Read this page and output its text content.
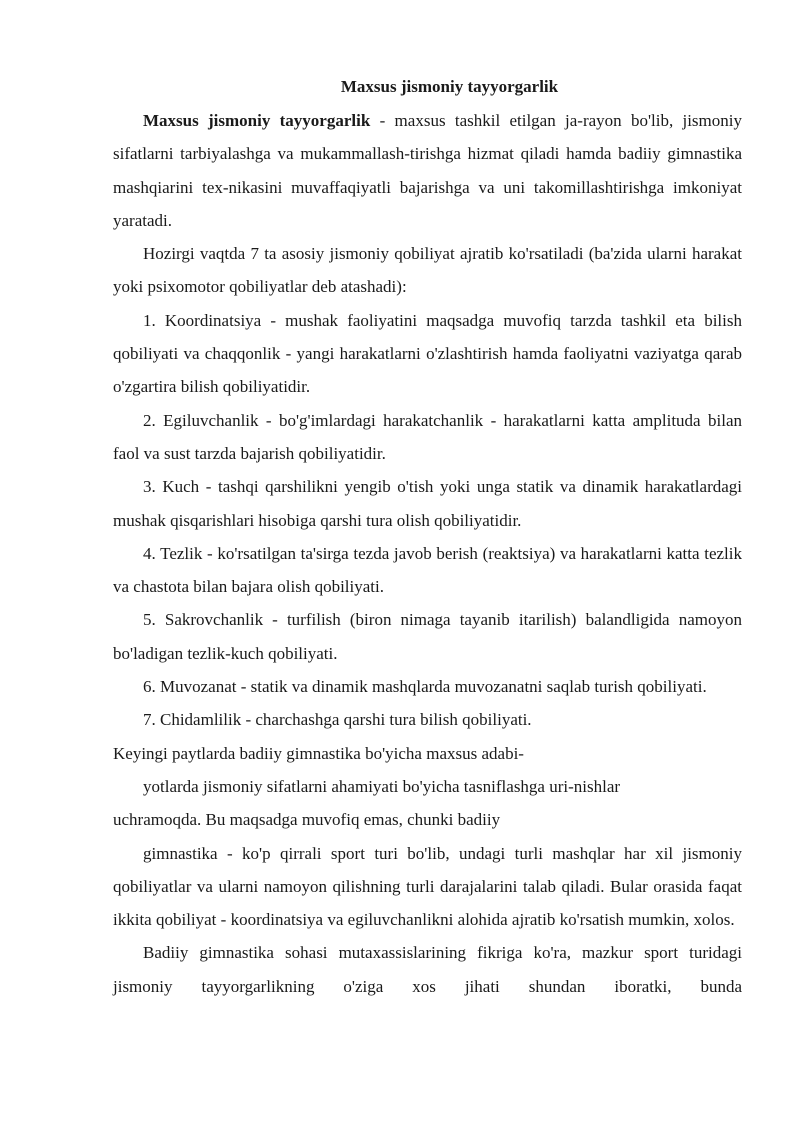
Maxsus jismoniy tayyorgarlik

Maxsus jismoniy tayyorgarlik - maxsus tashkil etilgan ja-rayon bo'lib, jismoniy sifatlarni tarbiyalashga va mukammallash-tirishga hizmat qiladi hamda badiiy gimnastika mashqiarini tex-nikasini muvaffaqiyatli bajarishga va uni takomillashtirishga imkoniyat yaratadi.

Hozirgi vaqtda 7 ta asosiy jismoniy qobiliyat ajratib ko'rsatiladi (ba'zida ularni harakat yoki psixomotor qobiliyatlar deb atashadi):

1. Koordinatsiya - mushak faoliyatini maqsadga muvofiq tarzda tashkil eta bilish qobiliyati va chaqqonlik - yangi harakatlarni o'zlashtirish hamda faoliyatni vaziyatga qarab o'zgartira bilish qobiliyatidir.

2. Egiluvchanlik - bo'g'imlardagi harakatchanlik - harakatlarni katta amplituda bilan faol va sust tarzda bajarish qobiliyatidir.

3. Kuch - tashqi qarshilikni yengib o'tish yoki unga statik va dinamik harakatlardagi mushak qisqarishlari hisobiga qarshi tura olish qobiliyatidir.

4. Tezlik - ko'rsatilgan ta'sirga tezda javob berish (reaktsiya) va harakatlarni katta tezlik va chastota bilan bajara olish qobiliyati.

5. Sakrovchanlik - turfilish (biron nimaga tayanib itarilish) balandligida namoyon bo'ladigan tezlik-kuch qobiliyati.

6. Muvozanat - statik va dinamik mashqlarda muvozanatni saqlab turish qobiliyati.

7. Chidamlilik - charchashga qarshi tura bilish qobiliyati.

Keyingi paytlarda badiiy gimnastika bo'yicha maxsus adabi-

yotlarda jismoniy sifatlarni ahamiyati bo'yicha tasniflashga uri-nishlar

uchramoqda. Bu maqsadga muvofiq emas, chunki badiiy

gimnastika - ko'p qirrali sport turi bo'lib, undagi turli mashqlar har xil jismoniy qobiliyatlar va ularni namoyon qilishning turli darajalarini talab qiladi. Bular orasida faqat ikkita qobiliyat - koordinatsiya va egiluvchanlikni alohida ajratib ko'rsatish mumkin, xolos.

Badiiy gimnastika sohasi mutaxassislarining fikriga ko'ra, mazkur sport turidagi jismoniy tayyorgarlikning o'ziga xos jihati shundan iboratki, bunda
